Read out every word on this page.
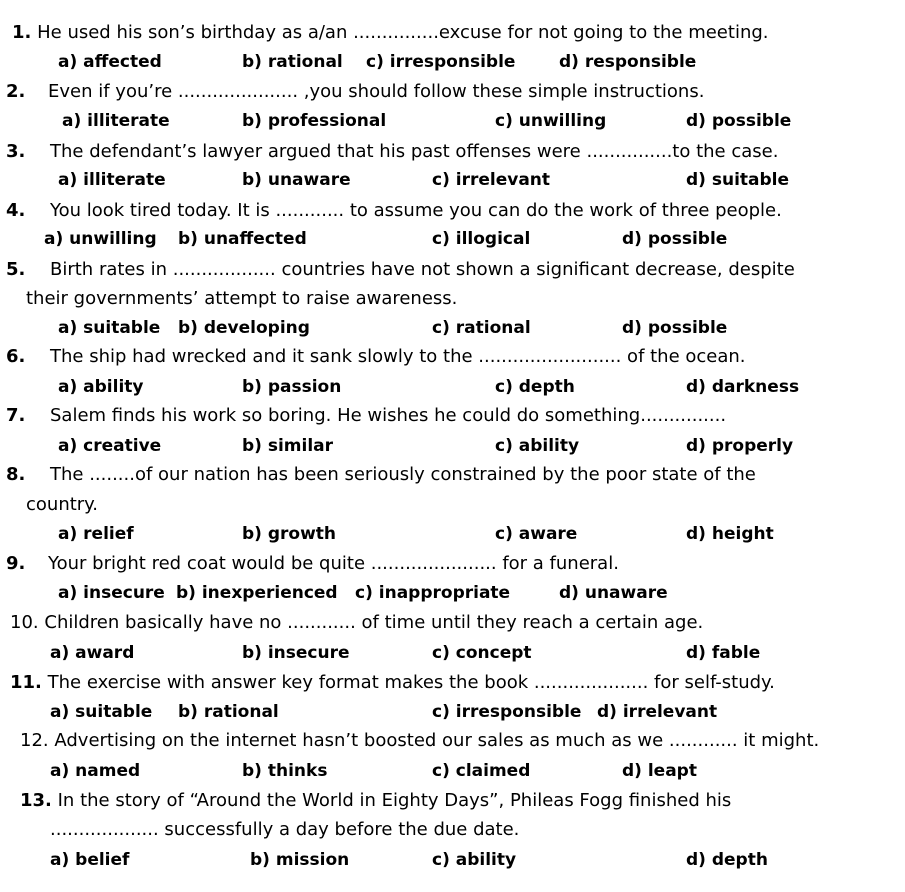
1. He used his son’s birthday as a/an ...............excuse for not going to the meeting.
a) affected	b) rational c) irresponsible	d) responsible
2. Even if you’re ..................... ,you should follow these simple instructions.
a) illiterate	b) professional	c) unwilling	d) possible
3. The defendant’s lawyer argued that his past offenses were ...............to the case.
a) illiterate	b) unaware	c) irrelevant	d) suitable
4. You look tired today. It is ............ to assume you can do the work of three people.
a) unwilling b) unaffected	c) illogical	d) possible
5. Birth rates in .................. countries have not shown a significant decrease, despite
their governments’ attempt to raise awareness.
a) suitable b) developing	c) rational	d) possible
6. The ship had wrecked and it sank slowly to the ......................... of the ocean.
a) ability	b) passion	c) depth	d) darkness
7. Salem finds his work so boring. He wishes he could do something...............
a) creative	b) similar	c) ability	d) properly
8. The ........of our nation has been seriously constrained by the poor state of the
country.
a) relief	b) growth	c) aware	d) height
9. Your bright red coat would be quite ...................... for a funeral.
a) insecure b) inexperienced c) inappropriate	d) unaware
10. Children basically have no ............ of time until they reach a certain age.
a) award	b) insecure	c) concept	d) fable
11. The exercise with answer key format makes the book .................... for self-study.
a) suitable b) rational	c) irresponsible d) irrelevant
12. Advertising on the internet hasn’t boosted our sales as much as we ............ it might.
a) named	b) thinks	c) claimed	d) leapt
13. In the story of “Around the World in Eighty Days”, Phileas Fogg finished his
................... successfully a day before the due date.
a) belief	b) mission	c) ability	d) depth
